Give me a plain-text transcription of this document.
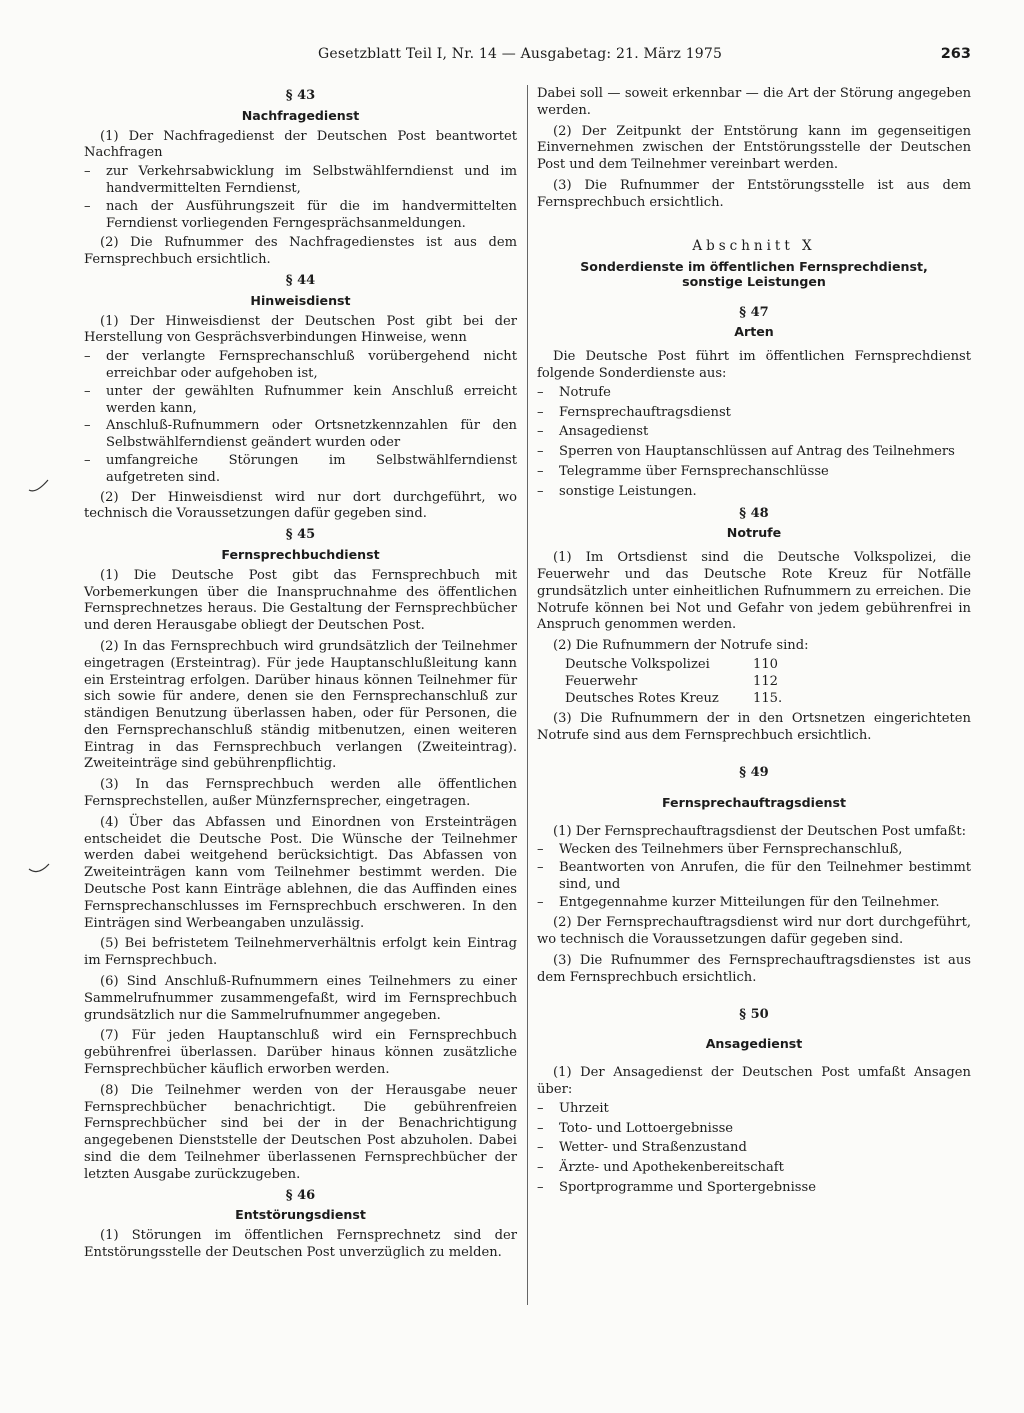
Gesetzblatt Teil I, Nr. 14 — Ausgabetag: 21. März 1975	263
§ 43
Nachfragedienst

(1) Der Nachfragedienst der Deutschen Post beantwortet Nachfragen

– zur Verkehrsabwicklung im Selbstwählferndienst und im handvermittelten Ferndienst,
– nach der Ausführungszeit für die im handvermittelten Ferndienst vorliegenden Ferngesprächsanmeldungen.

(2) Die Rufnummer des Nachfragedienstes ist aus dem Fernsprechbuch ersichtlich.

§ 44
Hinweisdienst

(1) Der Hinweisdienst der Deutschen Post gibt bei der Herstellung von Gesprächsverbindungen Hinweise, wenn

– der verlangte Fernsprechanschluß vorübergehend nicht erreichbar oder aufgehoben ist,
– unter der gewählten Rufnummer kein Anschluß erreicht werden kann,
– Anschluß-Rufnummern oder Ortsnetzkennzahlen für den Selbstwählferndienst geändert wurden oder
– umfangreiche Störungen im Selbstwählferndienst aufgetreten sind.

(2) Der Hinweisdienst wird nur dort durchgeführt, wo technisch die Voraussetzungen dafür gegeben sind.

§ 45
Fernsprechbuchdienst

(1) Die Deutsche Post gibt das Fernsprechbuch mit Vorbemerkungen über die Inanspruchnahme des öffentlichen Fernsprechnetzes heraus. Die Gestaltung der Fernsprechbücher und deren Herausgabe obliegt der Deutschen Post.

(2) In das Fernsprechbuch wird grundsätzlich der Teilnehmer eingetragen (Ersteintrag). Für jede Hauptanschlußleitung kann ein Ersteintrag erfolgen. Darüber hinaus können Teilnehmer für sich sowie für andere, denen sie den Fernsprechanschluß zur ständigen Benutzung überlassen haben, oder für Personen, die den Fernsprechanschluß ständig mitbenutzen, einen weiteren Eintrag in das Fernsprechbuch verlangen (Zweiteintrag). Zweiteinträge sind gebührenpflichtig.

(3) In das Fernsprechbuch werden alle öffentlichen Fernsprechstellen, außer Münzfernsprecher, eingetragen.

(4) Über das Abfassen und Einordnen von Ersteinträgen entscheidet die Deutsche Post. Die Wünsche der Teilnehmer werden dabei weitgehend berücksichtigt. Das Abfassen von Zweiteinträgen kann vom Teilnehmer bestimmt werden. Die Deutsche Post kann Einträge ablehnen, die das Auffinden eines Fernsprechanschlusses im Fernsprechbuch erschweren. In den Einträgen sind Werbeangaben unzulässig.

(5) Bei befristetem Teilnehmerverhältnis erfolgt kein Eintrag im Fernsprechbuch.

(6) Sind Anschluß-Rufnummern eines Teilnehmers zu einer Sammelrufnummer zusammengefaßt, wird im Fernsprechbuch grundsätzlich nur die Sammelrufnummer angegeben.

(7) Für jeden Hauptanschluß wird ein Fernsprechbuch gebührenfrei überlassen. Darüber hinaus können zusätzliche Fernsprechbücher käuflich erworben werden.

(8) Die Teilnehmer werden von der Herausgabe neuer Fernsprechbücher benachrichtigt. Die gebührenfreien Fernsprechbücher sind bei der in der Benachrichtigung angegebenen Dienststelle der Deutschen Post abzuholen. Dabei sind die dem Teilnehmer überlassenen Fernsprechbücher der letzten Ausgabe zurückzugeben.

§ 46
Entstörungsdienst

(1) Störungen im öffentlichen Fernsprechnetz sind der Entstörungsstelle der Deutschen Post unverzüglich zu melden.

Dabei soll — soweit erkennbar — die Art der Störung angegeben werden.

(2) Der Zeitpunkt der Entstörung kann im gegenseitigen Einvernehmen zwischen der Entstörungsstelle der Deutschen Post und dem Teilnehmer vereinbart werden.

(3) Die Rufnummer der Entstörungsstelle ist aus dem Fernsprechbuch ersichtlich.

Abschnitt X
Sonderdienste im öffentlichen Fernsprechdienst,
sonstige Leistungen
§ 47
Arten

Die Deutsche Post führt im öffentlichen Fernsprechdienst folgende Sonderdienste aus:

– Notrufe
– Fernsprechauftragsdienst
– Ansagedienst
– Sperren von Hauptanschlüssen auf Antrag des Teilnehmers
– Telegramme über Fernsprechanschlüsse
– sonstige Leistungen.
§ 48
Notrufe

(1) Im Ortsdienst sind die Deutsche Volkspolizei, die Feuerwehr und das Deutsche Rote Kreuz für Notfälle grundsätzlich unter einheitlichen Rufnummern zu erreichen. Die Notrufe können bei Not und Gefahr von jedem gebührenfrei in Anspruch genommen werden.

(2) Die Rufnummern der Notrufe sind:

Deutsche Volkspolizei	110
Feuerwehr	112
Deutsches Rotes Kreuz	115.

(3) Die Rufnummern der in den Ortsnetzen eingerichteten Notrufe sind aus dem Fernsprechbuch ersichtlich.

§ 49
Fernsprechauftragsdienst

(1) Der Fernsprechauftragsdienst der Deutschen Post umfaßt:

– Wecken des Teilnehmers über Fernsprechanschluß,
– Beantworten von Anrufen, die für den Teilnehmer bestimmt sind, und
– Entgegennahme kurzer Mitteilungen für den Teilnehmer.

(2) Der Fernsprechauftragsdienst wird nur dort durchgeführt, wo technisch die Voraussetzungen dafür gegeben sind.

(3) Die Rufnummer des Fernsprechauftragsdienstes ist aus dem Fernsprechbuch ersichtlich.

§ 50
Ansagedienst

(1) Der Ansagedienst der Deutschen Post umfaßt Ansagen über:

– Uhrzeit
– Toto- und Lottoergebnisse
– Wetter- und Straßenzustand
– Ärzte- und Apothekenbereitschaft
– Sportprogramme und Sportergebnisse
